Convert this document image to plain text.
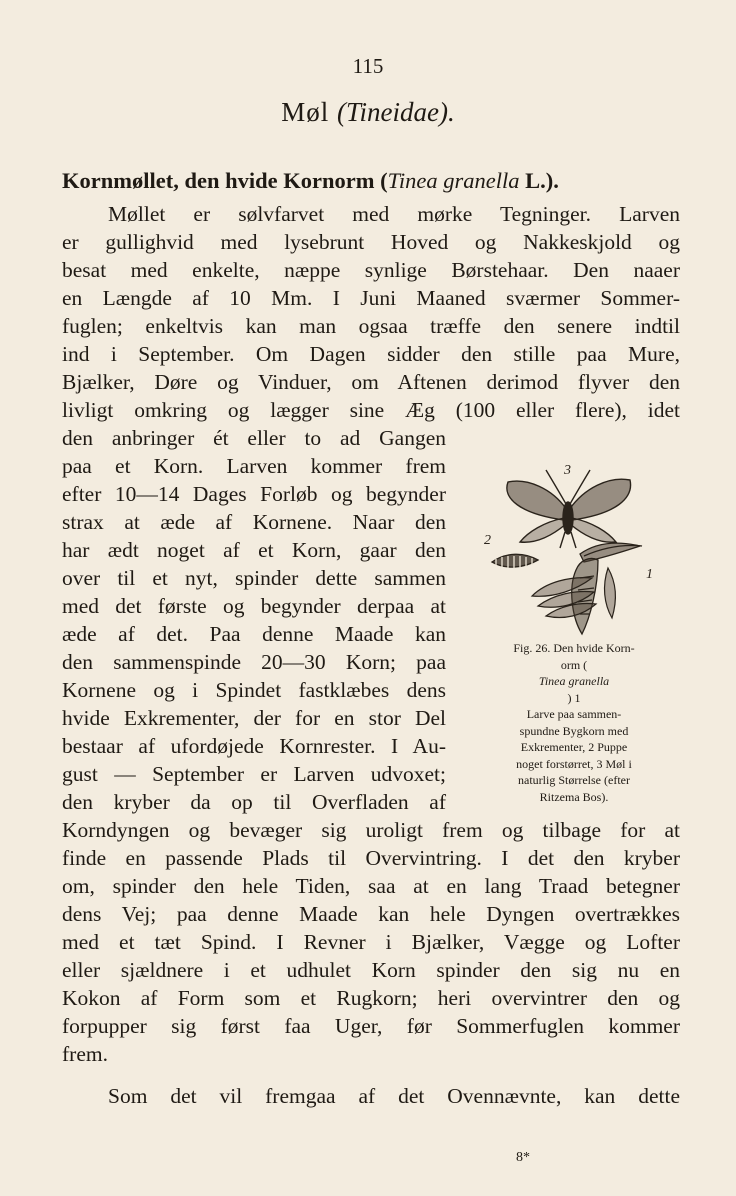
115
Møl (Tineidae).
Kornmøllet, den hvide Kornorm (Tinea granella L.).
Møllet er sølvfarvet med mørke Tegninger. Larven
er gullighvid med lysebrunt Hoved og Nakkeskjold og
besat med enkelte, næppe synlige Børstehaar. Den naaer
en Længde af 10 Mm. I Juni Maaned sværmer Sommer-
fuglen; enkeltvis kan man ogsaa træffe den senere indtil
ind i September. Om Dagen sidder den stille paa Mure,
Bjælker, Døre og Vinduer, om Aftenen derimod flyver den
livligt omkring og lægger sine Æg (100 eller flere), idet
den anbringer ét eller to ad Gangen
paa et Korn. Larven kommer frem
efter 10—14 Dages Forløb og begynder
strax at æde af Kornene. Naar den
har ædt noget af et Korn, gaar den
over til et nyt, spinder dette sammen
med det første og begynder derpaa at
æde af det. Paa denne Maade kan
den sammenspinde 20—30 Korn; paa
Kornene og i Spindet fastklæbes dens
hvide Exkrementer, der for en stor Del
bestaar af ufordøjede Kornrester. I Au-
gust — September er Larven udvoxet;
den kryber da op til Overfladen af
3
2
1
Fig. 26. Den hvide Korn-
orm (
Tinea granella
) 1
Larve paa sammen-
spundne Bygkorn med
Exkrementer, 2 Puppe
noget forstørret, 3 Møl i
naturlig Størrelse (efter
Ritzema Bos).
Korndyngen og bevæger sig uroligt frem og tilbage for at
finde en passende Plads til Overvintring. I det den kryber
om, spinder den hele Tiden, saa at en lang Traad betegner
dens Vej; paa denne Maade kan hele Dyngen overtrækkes
med et tæt Spind. I Revner i Bjælker, Vægge og Lofter
eller sjældnere i et udhulet Korn spinder den sig nu en
Kokon af Form som et Rugkorn; heri overvintrer den og
forpupper sig først faa Uger, før Sommerfuglen kommer
frem.
Som det vil fremgaa af det Ovennævnte, kan dette
8*
